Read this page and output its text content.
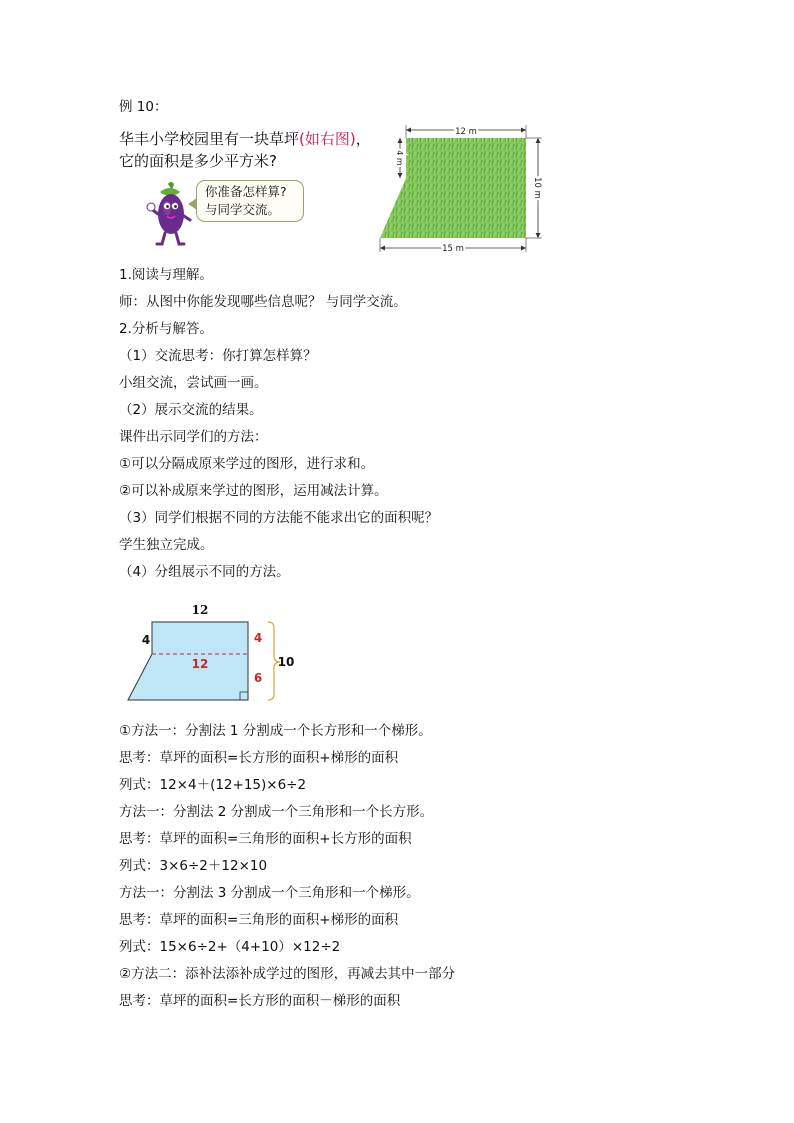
例 10：
华丰小学校园里有一块草坪(如右图)，
它的面积是多少平方米?
你准备怎样算?
与同学交流。
12 m
4 m
10 m
15 m
1.阅读与理解。
师：从图中你能发现哪些信息呢？ 与同学交流。
2.分析与解答。
（1）交流思考：你打算怎样算？
小组交流，尝试画一画。
（2）展示交流的结果。
课件出示同学们的方法：
①可以分隔成原来学过的图形，进行求和。
②可以补成原来学过的图形，运用减法计算。
（3）同学们根据不同的方法能不能求出它的面积呢？
学生独立完成。
（4）分组展示不同的方法。
12
4
12
4
6
10
①方法一：分割法 1 分割成一个长方形和一个梯形。
思考：草坪的面积=长方形的面积+梯形的面积
列式：12×4＋(12+15)×6÷2
方法一：分割法 2 分割成一个三角形和一个长方形。
思考：草坪的面积=三角形的面积+长方形的面积
列式：3×6÷2＋12×10
方法一：分割法 3 分割成一个三角形和一个梯形。
思考：草坪的面积=三角形的面积+梯形的面积
列式：15×6÷2+（4+10）×12÷2
②方法二：添补法添补成学过的图形，再减去其中一部分
思考：草坪的面积=长方形的面积－梯形的面积
